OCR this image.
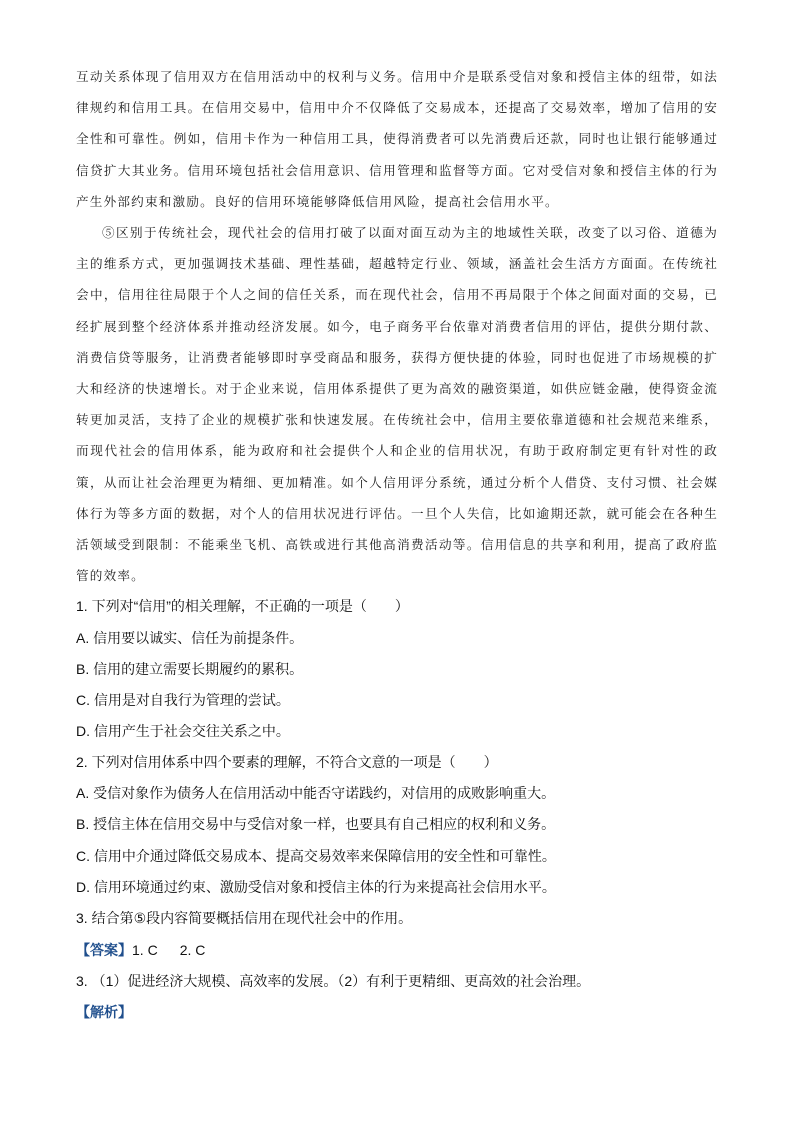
互动关系体现了信用双方在信用活动中的权利与义务。信用中介是联系受信对象和授信主体的纽带，如法律规约和信用工具。在信用交易中，信用中介不仅降低了交易成本，还提高了交易效率，增加了信用的安全性和可靠性。例如，信用卡作为一种信用工具，使得消费者可以先消费后还款，同时也让银行能够通过信贷扩大其业务。信用环境包括社会信用意识、信用管理和监督等方面。它对受信对象和授信主体的行为产生外部约束和激励。良好的信用环境能够降低信用风险，提高社会信用水平。
⑤区别于传统社会，现代社会的信用打破了以面对面互动为主的地域性关联，改变了以习俗、道德为主的维系方式，更加强调技术基础、理性基础，超越特定行业、领域，涵盖社会生活方方面面。在传统社会中，信用往往局限于个人之间的信任关系，而在现代社会，信用不再局限于个体之间面对面的交易，已经扩展到整个经济体系并推动经济发展。如今，电子商务平台依靠对消费者信用的评估，提供分期付款、消费信贷等服务，让消费者能够即时享受商品和服务，获得方便快捷的体验，同时也促进了市场规模的扩大和经济的快速增长。对于企业来说，信用体系提供了更为高效的融资渠道，如供应链金融，使得资金流转更加灵活，支持了企业的规模扩张和快速发展。在传统社会中，信用主要依靠道德和社会规范来维系，而现代社会的信用体系，能为政府和社会提供个人和企业的信用状况，有助于政府制定更有针对性的政策，从而让社会治理更为精细、更加精准。如个人信用评分系统，通过分析个人借贷、支付习惯、社会媒体行为等多方面的数据，对个人的信用状况进行评估。一旦个人失信，比如逾期还款，就可能会在各种生活领域受到限制：不能乘坐飞机、高铁或进行其他高消费活动等。信用信息的共享和利用，提高了政府监管的效率。
1. 下列对“信用”的相关理解，不正确的一项是（　　）
A. 信用要以诚实、信任为前提条件。
B. 信用的建立需要长期履约的累积。
C. 信用是对自我行为管理的尝试。
D. 信用产生于社会交往关系之中。
2. 下列对信用体系中四个要素的理解，不符合文意的一项是（　　）
A. 受信对象作为债务人在信用活动中能否守诺践约，对信用的成败影响重大。
B. 授信主体在信用交易中与受信对象一样，也要具有自己相应的权利和义务。
C. 信用中介通过降低交易成本、提高交易效率来保障信用的安全性和可靠性。
D. 信用环境通过约束、激励受信对象和授信主体的行为来提高社会信用水平。
3. 结合第⑤段内容简要概括信用在现代社会中的作用。
【答案】1. C 2. C
3. （1）促进经济大规模、高效率的发展。（2）有利于更精细、更高效的社会治理。
【解析】
